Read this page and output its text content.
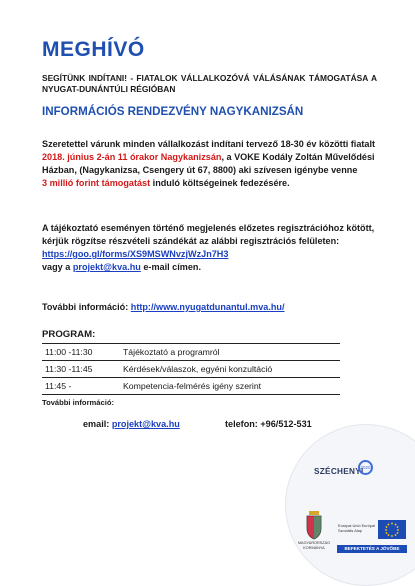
MEGHÍVÓ
SEGÍTÜNK INDÍTANI! - FIATALOK VÁLLALKOZÓVÁ VÁLÁSÁNAK TÁMOGATÁSA A NYUGAT-DUNÁNTÚLI RÉGIÓBAN
INFORMÁCIÓS RENDEZVÉNY NAGYKANIZSÁN
Szeretettel várunk minden vállalkozást indítani tervező 18-30 év közötti fiatalt 2018. június 2-án 11 órakor Nagykanizsán, a VOKE Kodály Zoltán Művelődési Házban, (Nagykanizsa, Csengery út 67, 8800) aki szívesen igénybe venne
3 millió forint támogatást induló költségeinek fedezésére.
A tájékoztató eseményen történő megjelenés előzetes regisztrációhoz kötött, kérjük rögzítse részvételi szándékát az alábbi regisztrációs felületen:
https://goo.gl/forms/XS9MSWNvzjWzJn7H3
vagy a projekt@kva.hu e-mail címen.
További információ: http://www.nyugatdunantul.mva.hu/
PROGRAM:
11:00 -11:30	Tájékoztató a programról
11:30 -11:45	Kérdések/válaszok, egyéni konzultáció
11:45 -	Kompetencia-felmérés igény szerint
További információ:
email: projekt@kva.hu	telefon: +96/512-531
SZÉCHENYI
2020
MAGYARORSZÁG KORMÁNYA
Európai Unió Európai Szociális Alap
BEFEKTETÉS A JÖVŐBE
